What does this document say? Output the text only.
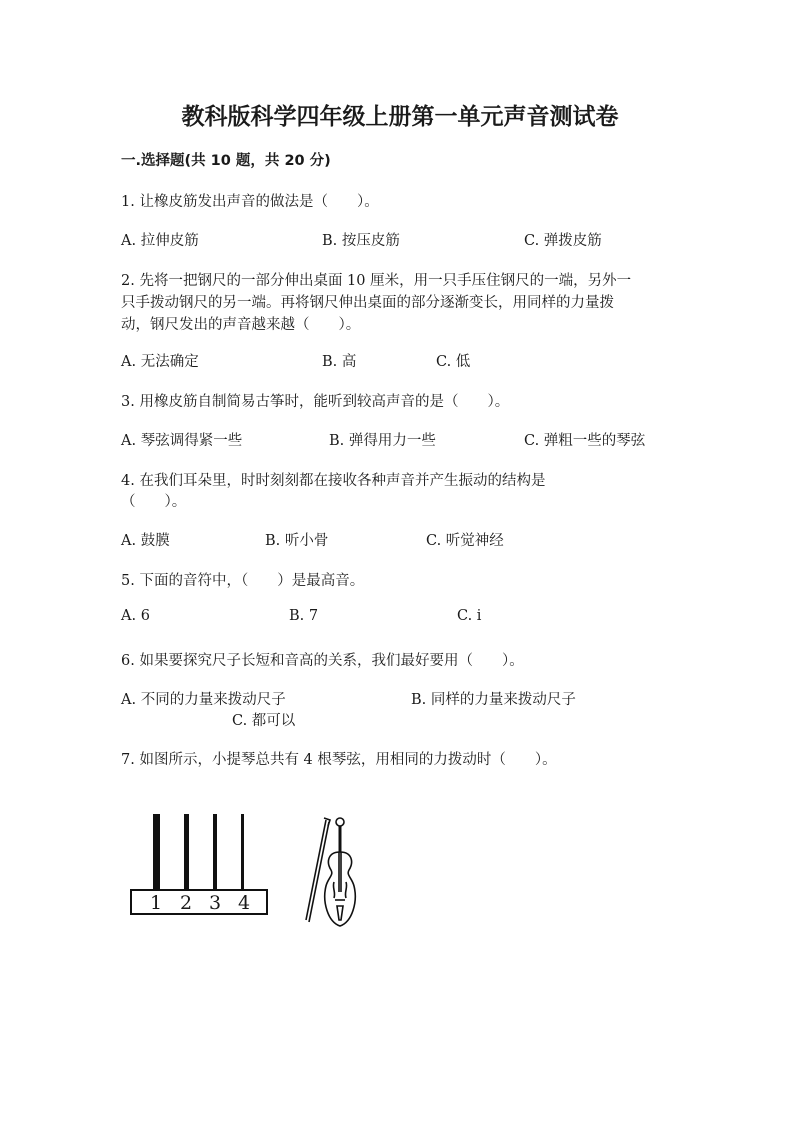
教科版科学四年级上册第一单元声音测试卷
一.选择题(共 10 题，共 20 分)
1. 让橡皮筋发出声音的做法是（　　）。
A. 拉伸皮筋	B. 按压皮筋	C. 弹拨皮筋
2. 先将一把钢尺的一部分伸出桌面 10 厘米，用一只手压住钢尺的一端，另外一
只手拨动钢尺的另一端。再将钢尺伸出桌面的部分逐渐变长，用同样的力量拨
动，钢尺发出的声音越来越（　　）。
A. 无法确定	B. 高	C. 低
3. 用橡皮筋自制简易古筝时，能听到较高声音的是（　　）。
A. 琴弦调得紧一些	B. 弹得用力一些	C. 弹粗一些的琴弦
4. 在我们耳朵里，时时刻刻都在接收各种声音并产生振动的结构是
（　　）。
A. 鼓膜	B. 听小骨	C. 听觉神经
5. 下面的音符中，（　　）是最高音。
A. 6	B. 7	C. i
6. 如果要探究尺子长短和音高的关系，我们最好要用（　　）。
A. 不同的力量来拨动尺子	B. 同样的力量来拨动尺子
C. 都可以
7. 如图所示，小提琴总共有 4 根琴弦，用相同的力拨动时（　　）。
1 2 3 4
